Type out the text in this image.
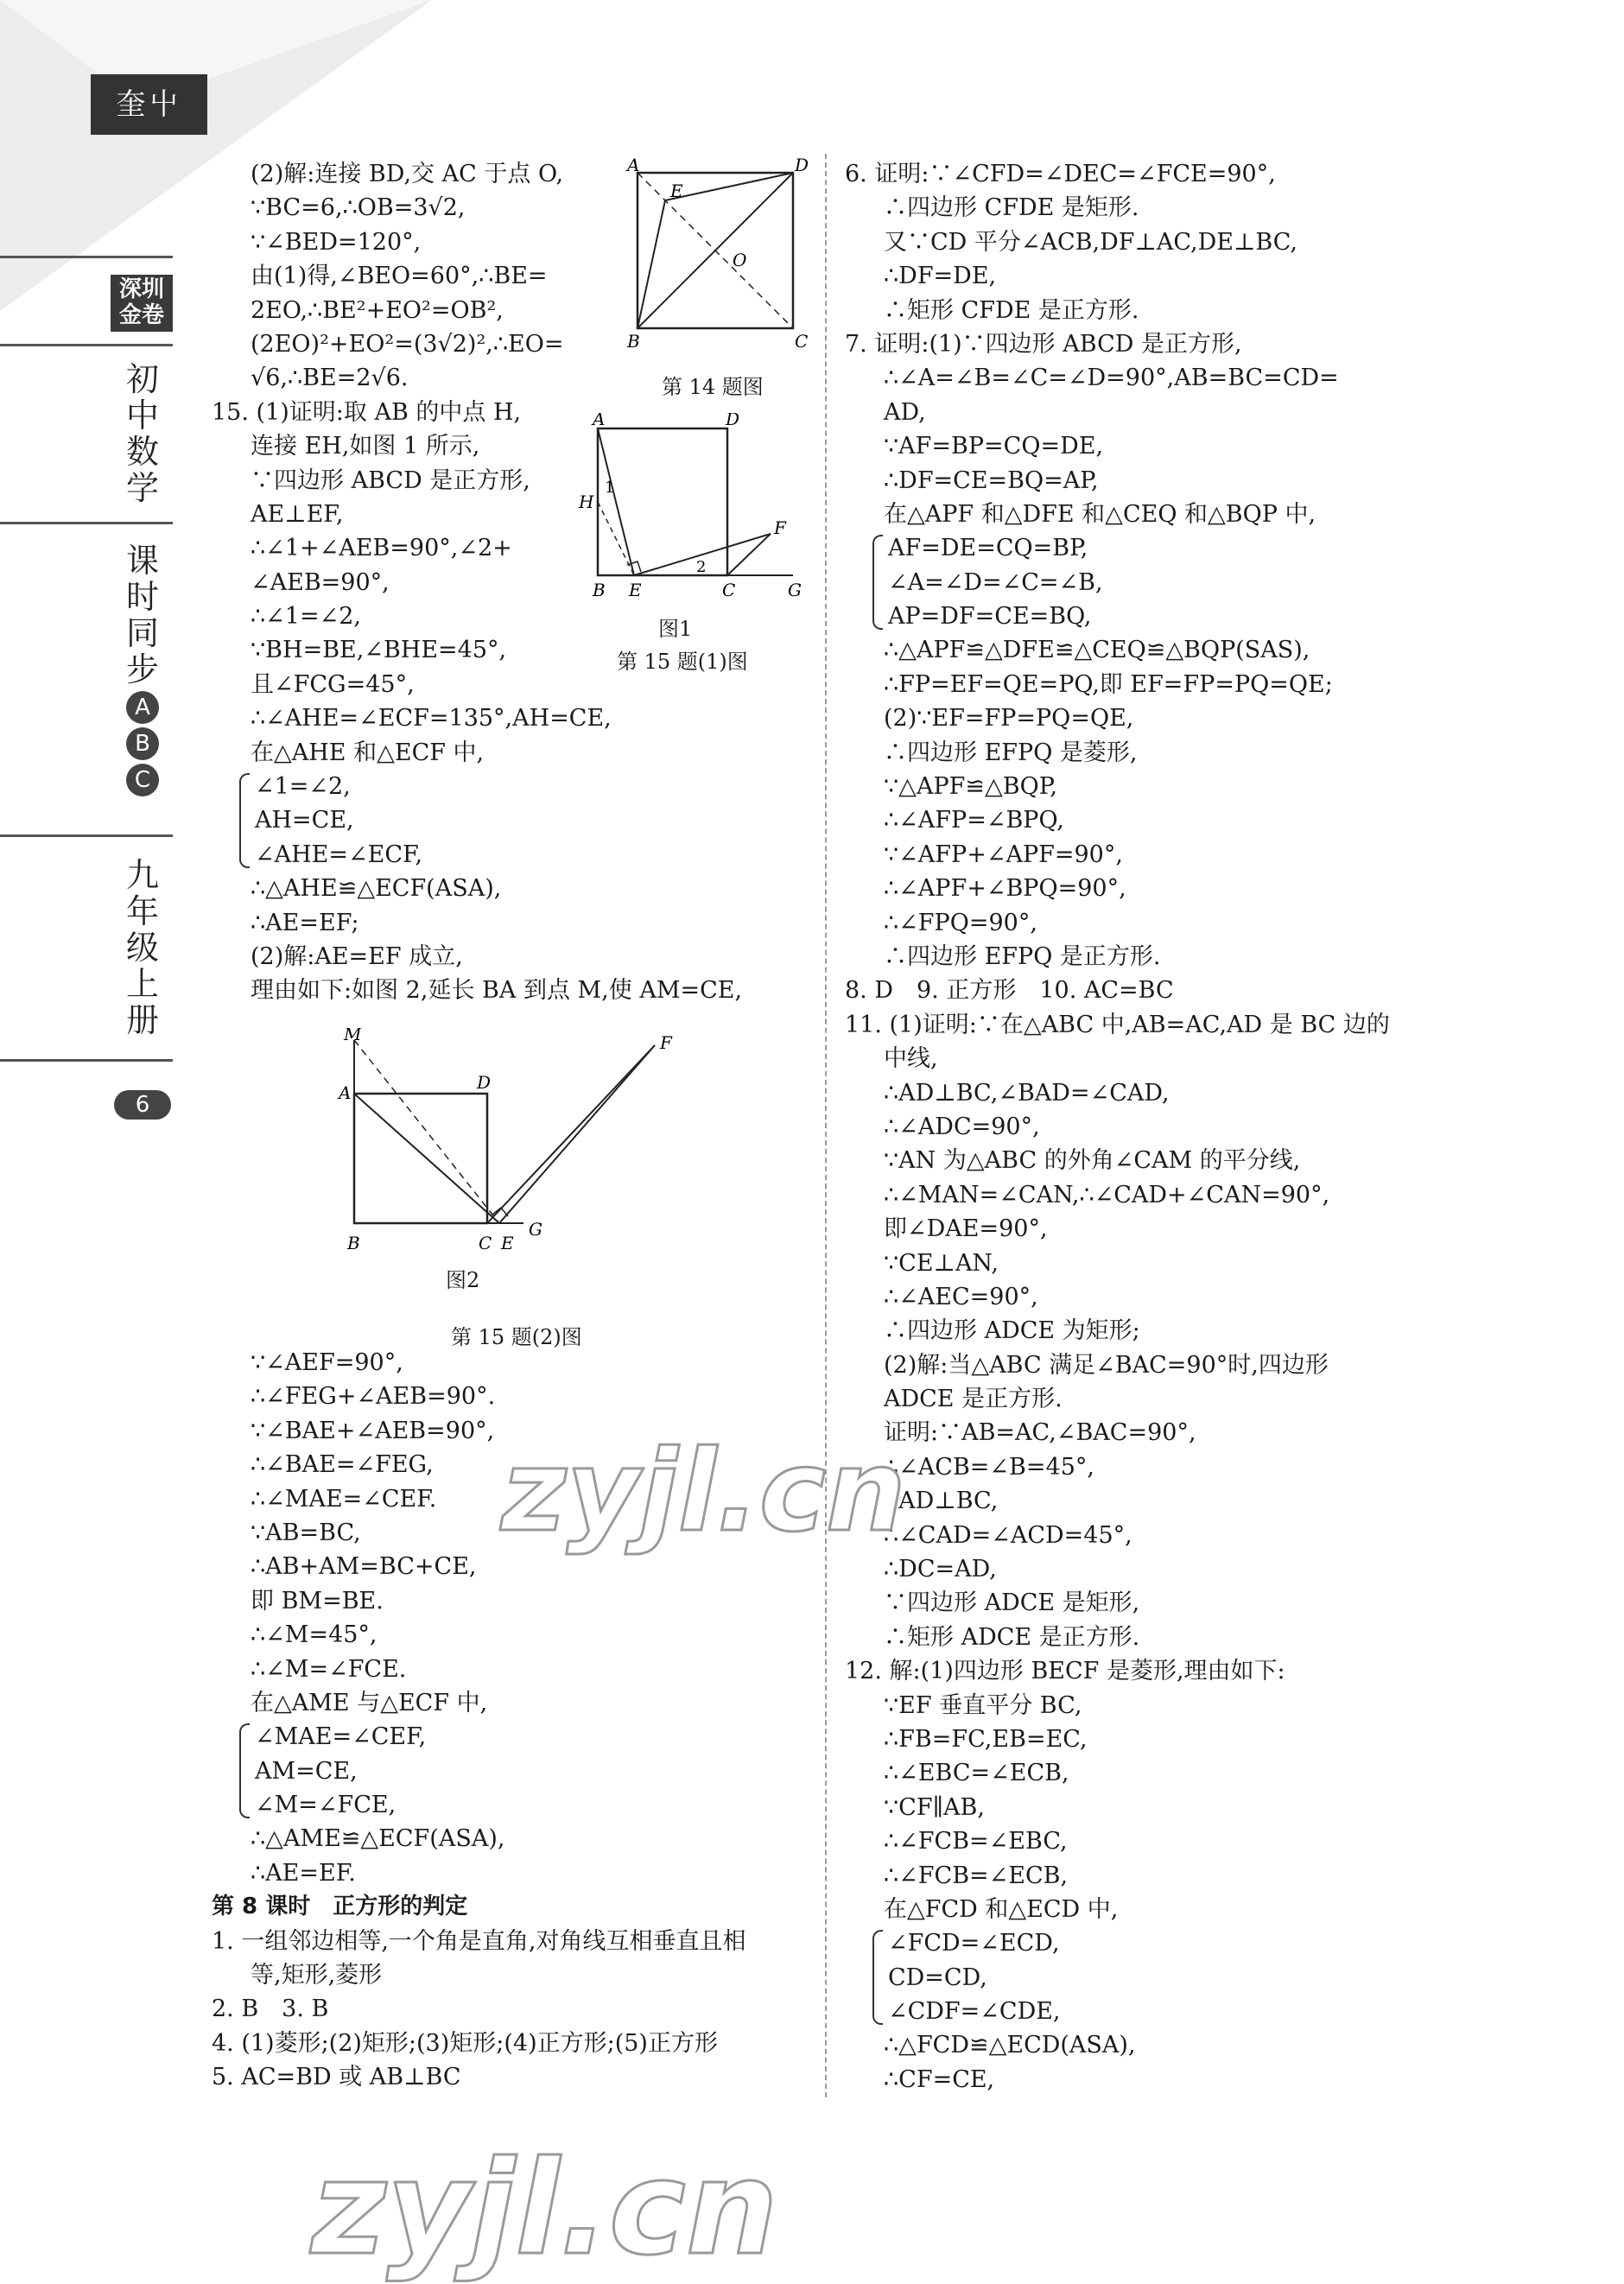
奎屮
深圳金卷
初中数学
课时同步
A
B
C
九年级上册
6
(2)解:连接 BD,交 AC 于点 O,
∵BC=6,∴OB=3√2,
∵∠BED=120°,
由(1)得,∠BEO=60°,∴BE=
2EO,∴BE²+EO²=OB²,
(2EO)²+EO²=(3√2)²,∴EO=
√6,∴BE=2√6.
15. (1)证明:取 AB 的中点 H,
连接 EH,如图 1 所示,
∵四边形 ABCD 是正方形,
AE⊥EF,
∴∠1+∠AEB=90°,∠2+
∠AEB=90°,
∴∠1=∠2,
∵BH=BE,∠BHE=45°,
且∠FCG=45°,
∴∠AHE=∠ECF=135°,AH=CE,
在△AHE 和△ECF 中,
∠1=∠2,
AH=CE,
∠AHE=∠ECF,
∴△AHE≌△ECF(ASA),
∴AE=EF;
(2)解:AE=EF 成立,
理由如下:如图 2,延长 BA 到点 M,使 AM=CE,
A	D
E
O
B	C
第 14 题图
A	D
H
1
2
F
B E	C	G
图1
第 15 题(1)图
M
A	D
F
B	C E
G
图2
第 15 题(2)图
∵∠AEF=90°,
∴∠FEG+∠AEB=90°.
∵∠BAE+∠AEB=90°,
∴∠BAE=∠FEG,
∴∠MAE=∠CEF.
∵AB=BC,
∴AB+AM=BC+CE,
即 BM=BE.
∴∠M=45°,
∴∠M=∠FCE.
在△AME 与△ECF 中,
∠MAE=∠CEF,
AM=CE,
∠M=∠FCE,
∴△AME≌△ECF(ASA),
∴AE=EF.
第 8 课时　正方形的判定
1. 一组邻边相等,一个角是直角,对角线互相垂直且相
等,矩形,菱形
2. B　3. B
4. (1)菱形;(2)矩形;(3)矩形;(4)正方形;(5)正方形
5. AC=BD 或 AB⊥BC
6. 证明:∵∠CFD=∠DEC=∠FCE=90°,
∴四边形 CFDE 是矩形.
又∵CD 平分∠ACB,DF⊥AC,DE⊥BC,
∴DF=DE,
∴矩形 CFDE 是正方形.
7. 证明:(1)∵四边形 ABCD 是正方形,
∴∠A=∠B=∠C=∠D=90°,AB=BC=CD=
AD,
∵AF=BP=CQ=DE,
∴DF=CE=BQ=AP,
在△APF 和△DFE 和△CEQ 和△BQP 中,
AF=DE=CQ=BP,
∠A=∠D=∠C=∠B,
AP=DF=CE=BQ,
∴△APF≌△DFE≌△CEQ≌△BQP(SAS),
∴FP=EF=QE=PQ,即 EF=FP=PQ=QE;
(2)∵EF=FP=PQ=QE,
∴四边形 EFPQ 是菱形,
∵△APF≌△BQP,
∴∠AFP=∠BPQ,
∵∠AFP+∠APF=90°,
∴∠APF+∠BPQ=90°,
∴∠FPQ=90°,
∴四边形 EFPQ 是正方形.
8. D　9. 正方形　10. AC=BC
11. (1)证明:∵在△ABC 中,AB=AC,AD 是 BC 边的
中线,
∴AD⊥BC,∠BAD=∠CAD,
∴∠ADC=90°,
∵AN 为△ABC 的外角∠CAM 的平分线,
∴∠MAN=∠CAN,∴∠CAD+∠CAN=90°,
即∠DAE=90°,
∵CE⊥AN,
∴∠AEC=90°,
∴四边形 ADCE 为矩形;
(2)解:当△ABC 满足∠BAC=90°时,四边形
ADCE 是正方形.
证明:∵AB=AC,∠BAC=90°,
∴∠ACB=∠B=45°,
∵AD⊥BC,
∴∠CAD=∠ACD=45°,
∴DC=AD,
∵四边形 ADCE 是矩形,
∴矩形 ADCE 是正方形.
12. 解:(1)四边形 BECF 是菱形,理由如下:
∵EF 垂直平分 BC,
∴FB=FC,EB=EC,
∴∠EBC=∠ECB,
∵CF∥AB,
∴∠FCB=∠EBC,
∴∠FCB=∠ECB,
在△FCD 和△ECD 中,
∠FCD=∠ECD,
CD=CD,
∠CDF=∠CDE,
∴△FCD≌△ECD(ASA),
∴CF=CE,
zyjl.cn
zyjl.cn
